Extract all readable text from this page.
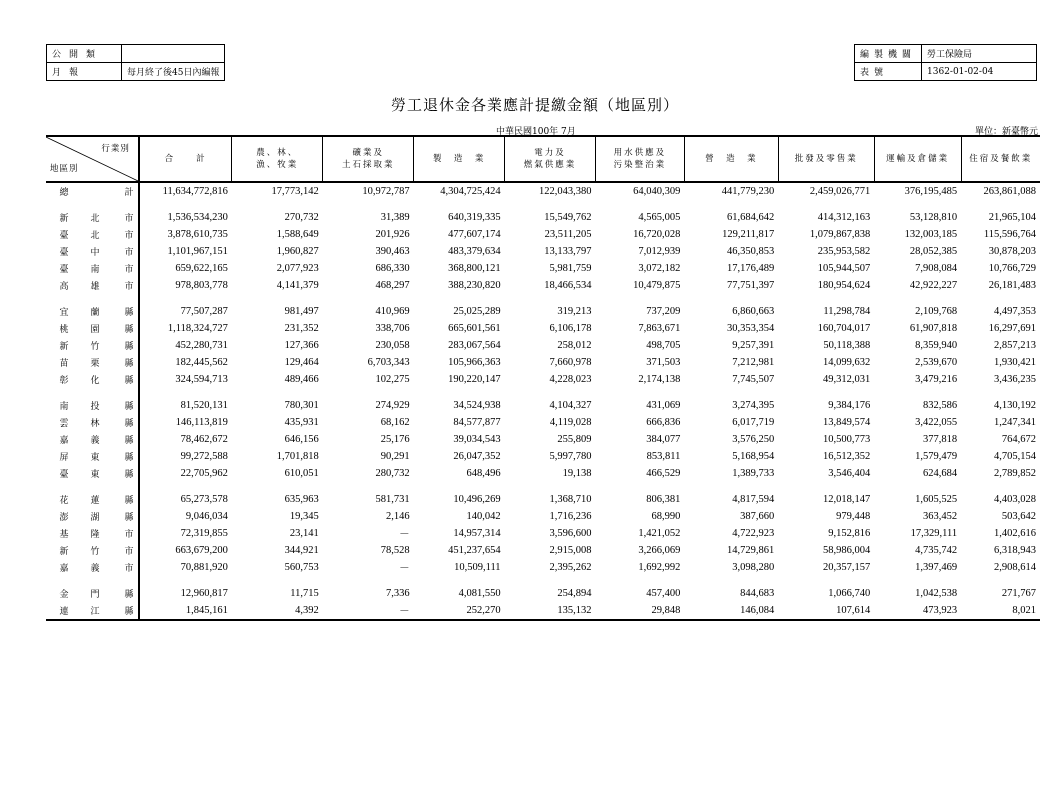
公開類	
月報	每月終了後45日內編報
編製機關	勞工保險局
表號	1362-01-02-04
勞工退休金各業應計提繳金額（地區別）
中華民國100年 7月	單位：新臺幣元
行業別
地區別	合　　計	農、林、
漁、牧業	礦業及
土石採取業	製　造　業	電力及
燃氣供應業	用水供應及
污染整治業	營　造　業	批發及零售業	運輸及倉儲業	住宿及餐飲業
總 計	11,634,772,816	17,773,142	10,972,787	4,304,725,424	122,043,380	64,040,309	441,779,230	2,459,026,771	376,195,485	263,861,088

新 北 市	1,536,534,230	270,732	31,389	640,319,335	15,549,762	4,565,005	61,684,642	414,312,163	53,128,810	21,965,104
臺 北 市	3,878,610,735	1,588,649	201,926	477,607,174	23,511,205	16,720,028	129,211,817	1,079,867,838	132,003,185	115,596,764
臺 中 市	1,101,967,151	1,960,827	390,463	483,379,634	13,133,797	7,012,939	46,350,853	235,953,582	28,052,385	30,878,203
臺 南 市	659,622,165	2,077,923	686,330	368,800,121	5,981,759	3,072,182	17,176,489	105,944,507	7,908,084	10,766,729
高 雄 市	978,803,778	4,141,379	468,297	388,230,820	18,466,534	10,479,875	77,751,397	180,954,624	42,922,227	26,181,483

宜 蘭 縣	77,507,287	981,497	410,969	25,025,289	319,213	737,209	6,860,663	11,298,784	2,109,768	4,497,353
桃 園 縣	1,118,324,727	231,352	338,706	665,601,561	6,106,178	7,863,671	30,353,354	160,704,017	61,907,818	16,297,691
新 竹 縣	452,280,731	127,366	230,058	283,067,564	258,012	498,705	9,257,391	50,118,388	8,359,940	2,857,213
苗 栗 縣	182,445,562	129,464	6,703,343	105,966,363	7,660,978	371,503	7,212,981	14,099,632	2,539,670	1,930,421
彰 化 縣	324,594,713	489,466	102,275	190,220,147	4,228,023	2,174,138	7,745,507	49,312,031	3,479,216	3,436,235

南 投 縣	81,520,131	780,301	274,929	34,524,938	4,104,327	431,069	3,274,395	9,384,176	832,586	4,130,192
雲 林 縣	146,113,819	435,931	68,162	84,577,877	4,119,028	666,836	6,017,719	13,849,574	3,422,055	1,247,341
嘉 義 縣	78,462,672	646,156	25,176	39,034,543	255,809	384,077	3,576,250	10,500,773	377,818	764,672
屏 東 縣	99,272,588	1,701,818	90,291	26,047,352	5,997,780	853,811	5,168,954	16,512,352	1,579,479	4,705,154
臺 東 縣	22,705,962	610,051	280,732	648,496	19,138	466,529	1,389,733	3,546,404	624,684	2,789,852

花 蓮 縣	65,273,578	635,963	581,731	10,496,269	1,368,710	806,381	4,817,594	12,018,147	1,605,525	4,403,028
澎 湖 縣	9,046,034	19,345	2,146	140,042	1,716,236	68,990	387,660	979,448	363,452	503,642
基 隆 市	72,319,855	23,141	－	14,957,314	3,596,600	1,421,052	4,722,923	9,152,816	17,329,111	1,402,616
新 竹 市	663,679,200	344,921	78,528	451,237,654	2,915,008	3,266,069	14,729,861	58,986,004	4,735,742	6,318,943
嘉 義 市	70,881,920	560,753	－	10,509,111	2,395,262	1,692,992	3,098,280	20,357,157	1,397,469	2,908,614

金 門 縣	12,960,817	11,715	7,336	4,081,550	254,894	457,400	844,683	1,066,740	1,042,538	271,767
連 江 縣	1,845,161	4,392	－	252,270	135,132	29,848	146,084	107,614	473,923	8,021
